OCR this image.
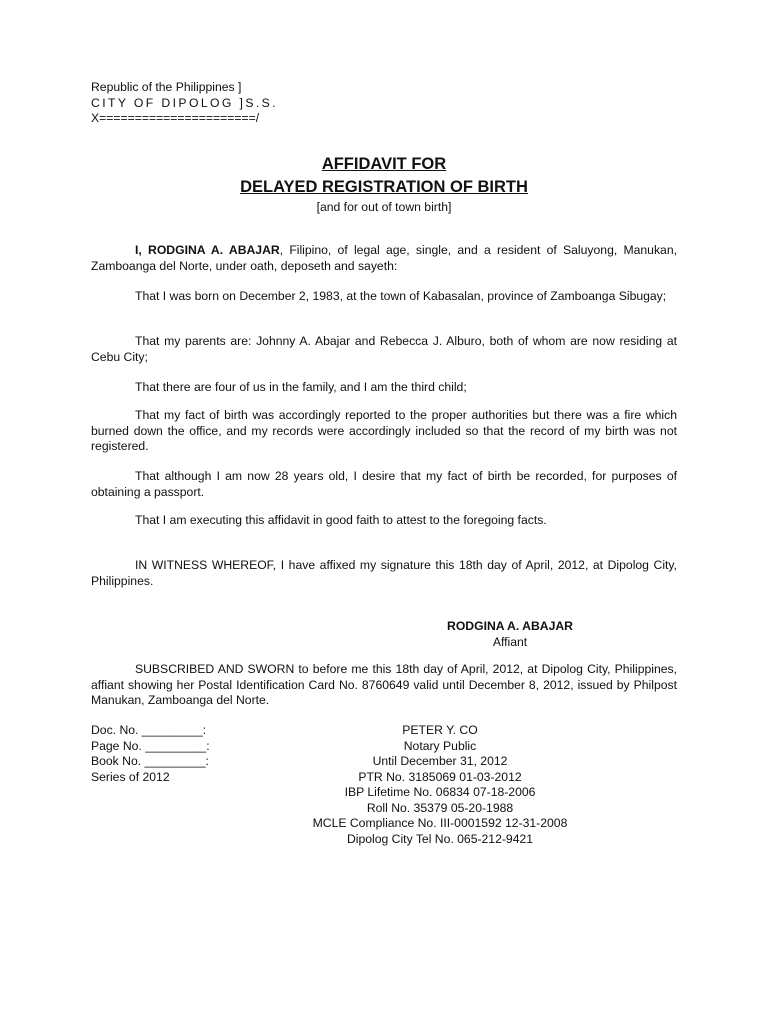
Republic of the Philippines ]
CITY OF DIPOLOG ]S.S.
X======================/
AFFIDAVIT FOR
DELAYED REGISTRATION OF BIRTH
[and for out of town birth]

I, RODGINA A. ABAJAR, Filipino, of legal age, single, and a resident of Saluyong, Manukan, Zamboanga del Norte, under oath, deposeth and sayeth:

That I was born on December 2, 1983, at the town of Kabasalan, province of Zamboanga Sibugay;

That my parents are: Johnny A. Abajar and Rebecca J. Alburo, both of whom are now residing at Cebu City;

That there are four of us in the family, and I am the third child;

That my fact of birth was accordingly reported to the proper authorities but there was a fire which burned down the office, and my records were accordingly included so that the record of my birth was not registered.

That although I am now 28 years old, I desire that my fact of birth be recorded, for purposes of obtaining a passport.

That I am executing this affidavit in good faith to attest to the foregoing facts.

IN WITNESS WHEREOF, I have affixed my signature this 18th day of April, 2012, at Dipolog City, Philippines.

RODGINA A. ABAJAR
Affiant

SUBSCRIBED AND SWORN to before me this 18th day of April, 2012, at Dipolog City, Philippines, affiant showing her Postal Identification Card No. 8760649 valid until December 8, 2012, issued by Philpost Manukan, Zamboanga del Norte.

Doc. No. _________:
Page No. _________:
Book No. _________:
Series of 2012
PETER Y. CO
Notary Public
Until December 31, 2012
PTR No. 3185069 01-03-2012
IBP Lifetime No. 06834 07-18-2006
Roll No. 35379 05-20-1988
MCLE Compliance No. III-0001592 12-31-2008
Dipolog City Tel No. 065-212-9421
